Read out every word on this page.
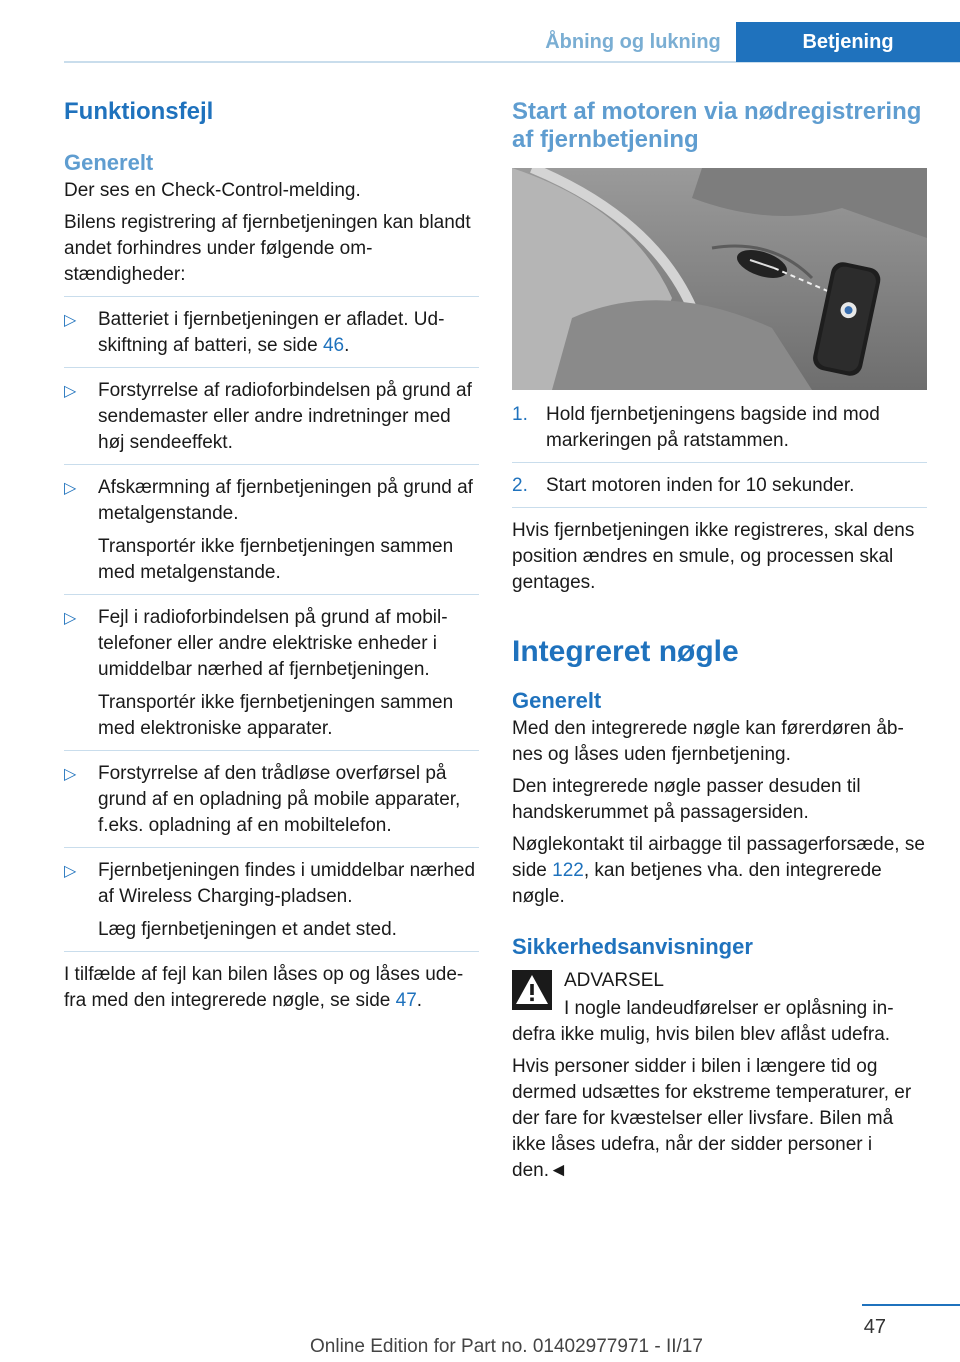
Åbning og lukning	Betjening
Funktionsfejl
Generelt

Der ses en Check-Control-melding.

Bilens registrering af fjernbetjeningen kan blandt andet forhindres under følgende omstændigheder:

▷ Batteriet i fjernbetjeningen er afladet. Udskiftning af batteri, se side 46.
▷ Forstyrrelse af radioforbindelsen på grund af sendemaster eller andre indretninger med høj sendeeffekt.
▷ Afskærmning af fjernbetjeningen på grund af metalgenstande.
Transportér ikke fjernbetjeningen sammen med metalgenstande.
▷ Fejl i radioforbindelsen på grund af mobiltelefoner eller andre elektriske enheder i umiddelbar nærhed af fjernbetjeningen.
Transportér ikke fjernbetjeningen sammen med elektroniske apparater.
▷ Forstyrrelse af den trådløse overførsel på grund af en opladning på mobile apparater, f.eks. opladning af en mobiltelefon.
▷ Fjernbetjeningen findes i umiddelbar nærhed af Wireless Charging-pladsen.
Læg fjernbetjeningen et andet sted.

I tilfælde af fejl kan bilen låses op og låses udefra med den integrerede nøgle, se side 47.

Start af motoren via nødregistrering af fjernbetjening
1. Hold fjernbetjeningens bagside ind mod markeringen på ratstammen.
2. Start motoren inden for 10 sekunder.

Hvis fjernbetjeningen ikke registreres, skal dens position ændres en smule, og processen skal gentages.

Integreret nøgle
Generelt

Med den integrerede nøgle kan førerdøren åbnes og låses uden fjernbetjening.

Den integrerede nøgle passer desuden til handskerummet på passagersiden.

Nøglekontakt til airbagge til passagerforsæde, se side 122, kan betjenes vha. den integrerede nøgle.

Sikkerhedsanvisninger

ADVARSEL

I nogle landeudførelser er oplåsning indefra ikke mulig, hvis bilen blev aflåst udefra.

Hvis personer sidder i bilen i længere tid og dermed udsættes for ekstreme temperaturer, er der fare for kvæstelser eller livsfare. Bilen må ikke låses udefra, når der sidder personer i den.◄

47
Online Edition for Part no. 01402977971 - II/17
